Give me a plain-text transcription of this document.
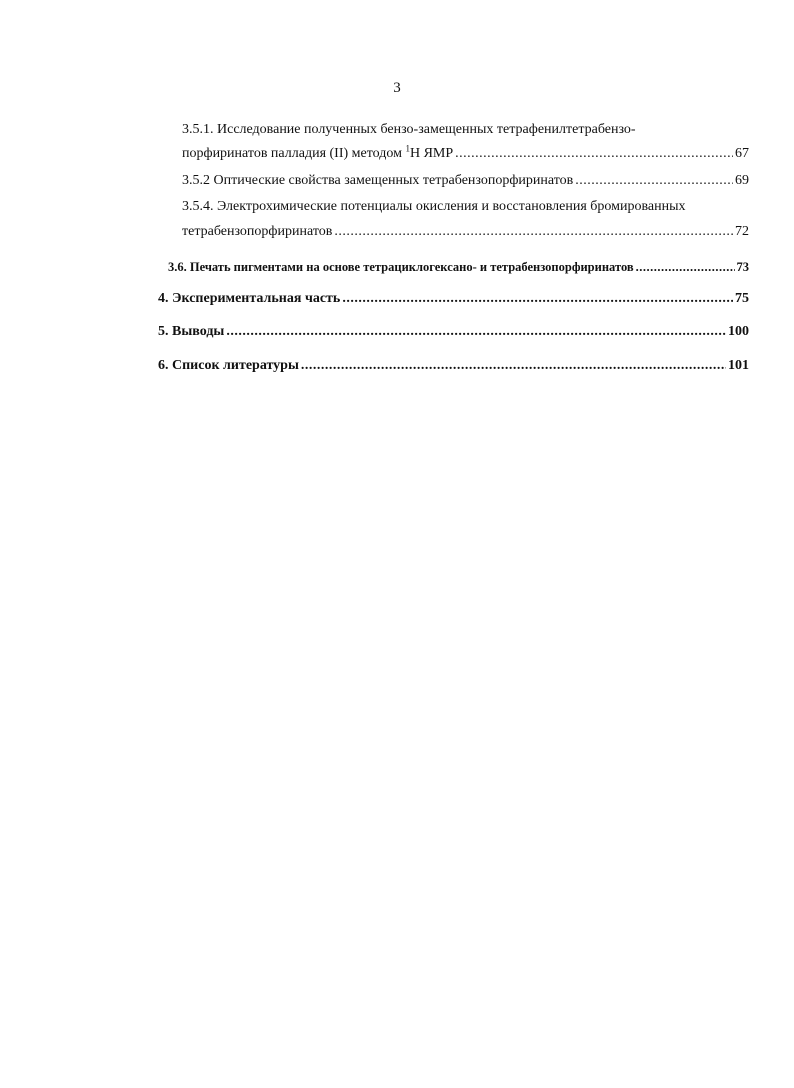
3
3.5.1. Исследование полученных бензо-замещенных тетрафенилтетрабензо-
порфиринатов палладия (II) методом $^1$Н ЯМР .....	67
3.5.2 Оптические свойства замещенных тетрабензопорфиринатов .....	69
3.5.4. Электрохимические потенциалы окисления и восстановления бромированных
тетрабензопорфиринатов .....	72
3.6. Печать пигментами на основе тетрациклогексано- и тетрабензопорфиринатов .....	73
4. Экспериментальная часть .....	75
5. Выводы .....	100
6. Список литературы .....	101
